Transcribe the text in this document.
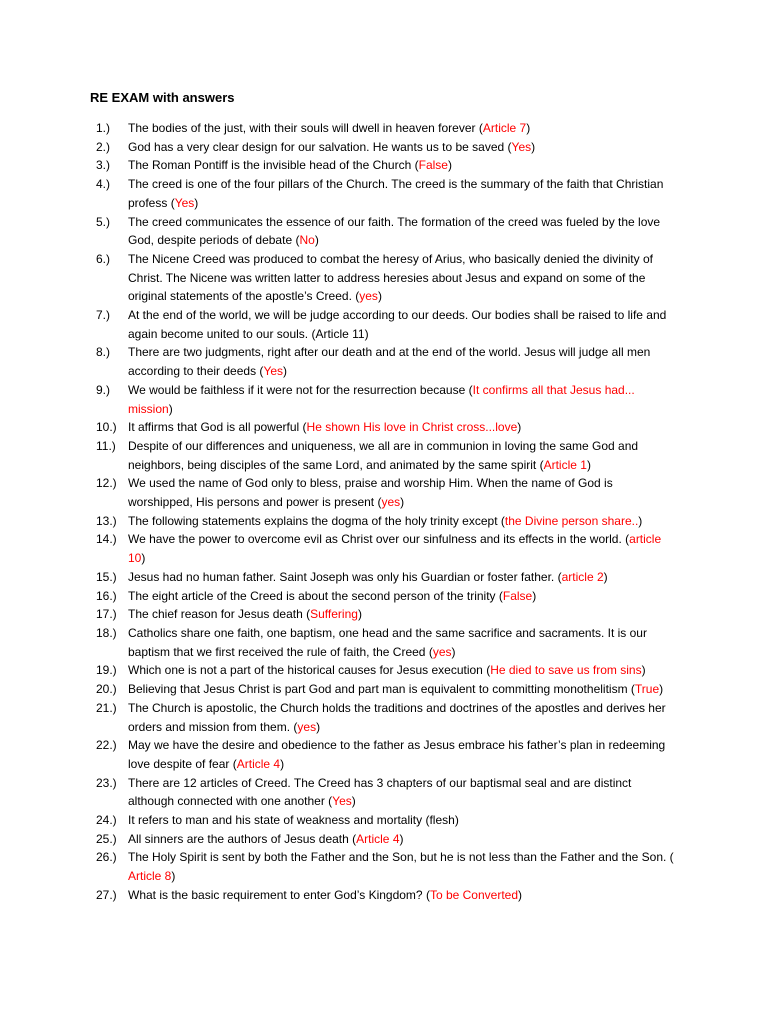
RE EXAM with answers
1.)	The bodies of the just, with their souls will dwell in heaven forever (Article 7)
2.)	God has a very clear design for our salvation. He wants us to be saved (Yes)
3.)	The Roman Pontiff is the invisible head of the Church (False)
4.)	The creed is one of the four pillars of the Church. The creed is the summary of the faith that Christian profess (Yes)
5.)	The creed communicates the essence of our faith. The formation of the creed was fueled by the love God, despite periods of debate (No)
6.)	The Nicene Creed was produced to combat the heresy of Arius, who basically denied the divinity of Christ. The Nicene was written latter to address heresies about Jesus and expand on some of the original statements of the apostle’s Creed. (yes)
7.)	At the end of the world, we will be judge according to our deeds. Our bodies shall be raised to life and again become united to our souls. (Article 11)
8.)	There are two judgments, right after our death and at the end of the world. Jesus will judge all men according to their deeds (Yes)
9.)	We would be faithless if it were not for the resurrection because (It confirms all that Jesus had... mission)
10.) It affirms that God is all powerful (He shown His love in Christ cross...love)
11.)	Despite of our differences and uniqueness, we all are in communion in loving the same God and neighbors, being disciples of the same Lord, and animated by the same spirit (Article 1)
12.) We used the name of God only to bless, praise and worship Him. When the name of God is worshipped, His persons and power is present (yes)
13.) The following statements explains the dogma of the holy trinity except (the Divine person share..)
14.) We have the power to overcome evil as Christ over our sinfulness and its effects in the world. (article 10)
15.) Jesus had no human father. Saint Joseph was only his Guardian or foster father. (article 2)
16.) The eight article of the Creed is about the second person of the trinity (False)
17.) The chief reason for Jesus death (Suffering)
18.) Catholics share one faith, one baptism, one head and the same sacrifice and sacraments. It is our baptism that we first received the rule of faith, the Creed (yes)
19.) Which one is not a part of the historical causes for Jesus execution (He died to save us from sins)
20.) Believing that Jesus Christ is part God and part man is equivalent to committing monothelitism (True)
21.) The Church is apostolic, the Church holds the traditions and doctrines of the apostles and derives her orders and mission from them. (yes)
22.) May we have the desire and obedience to the father as Jesus embrace his father’s plan in redeeming love despite of fear (Article 4)
23.) There are 12 articles of Creed. The Creed has 3 chapters of our baptismal seal and are distinct although connected with one another (Yes)
24.) It refers to man and his state of weakness and mortality (flesh)
25.) All sinners are the authors of Jesus death (Article 4)
26.) The Holy Spirit is sent by both the Father and the Son, but he is not less than the Father and the Son. ( Article 8)
27.) What is the basic requirement to enter God’s Kingdom? (To be Converted)
